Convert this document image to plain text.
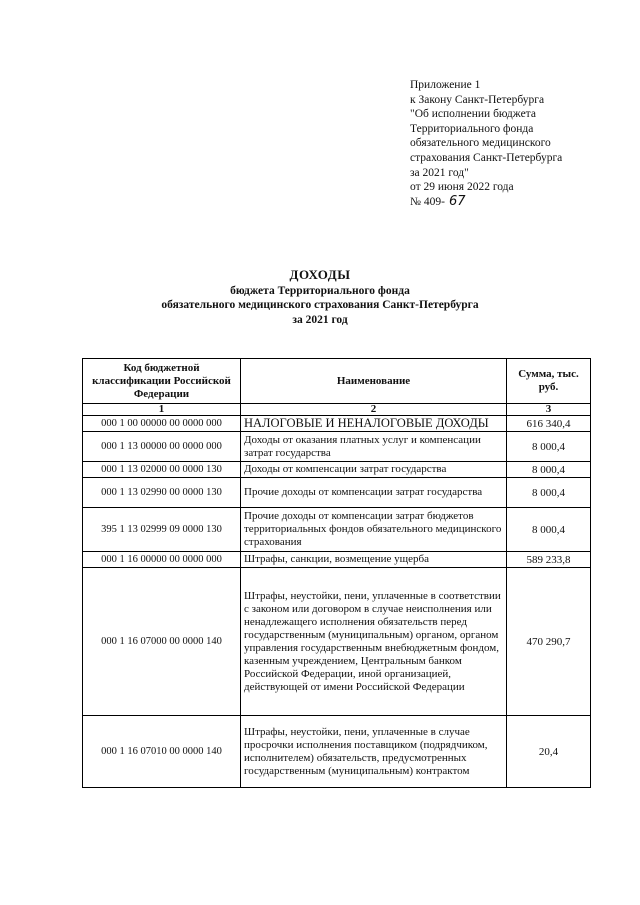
Приложение 1
к Закону Санкт-Петербурга
"Об исполнении бюджета
Территориального фонда
обязательного медицинского
страхования Санкт-Петербурга
за 2021 год"
от 29 июня 2022 года
№ 409- 67
ДОХОДЫ
бюджета Территориального фонда
обязательного медицинского страхования Санкт-Петербурга
за 2021 год
Код бюджетной классификации Российской Федерации	Наименование	Сумма, тыс. руб.
1	2	3
000 1 00 00000 00 0000 000	НАЛОГОВЫЕ И НЕНАЛОГОВЫЕ ДОХОДЫ	616 340,4
000 1 13 00000 00 0000 000	Доходы от оказания платных услуг и компенсации затрат государства	8 000,4
000 1 13 02000 00 0000 130	Доходы от компенсации затрат государства	8 000,4
000 1 13 02990 00 0000 130	Прочие доходы от компенсации затрат государства	8 000,4
395 1 13 02999 09 0000 130	Прочие доходы от компенсации затрат бюджетов территориальных фондов обязательного медицинского страхования	8 000,4
000 1 16 00000 00 0000 000	Штрафы, санкции, возмещение ущерба	589 233,8
000 1 16 07000 00 0000 140	Штрафы, неустойки, пени, уплаченные в соответствии с законом или договором в случае неисполнения или ненадлежащего исполнения обязательств перед государственным (муниципальным) органом, органом управления государственным внебюджетным фондом, казенным учреждением, Центральным банком Российской Федерации, иной организацией, действующей от имени Российской Федерации	470 290,7
000 1 16 07010 00 0000 140	Штрафы, неустойки, пени, уплаченные в случае просрочки исполнения поставщиком (подрядчиком, исполнителем) обязательств, предусмотренных государственным (муниципальным) контрактом	20,4
